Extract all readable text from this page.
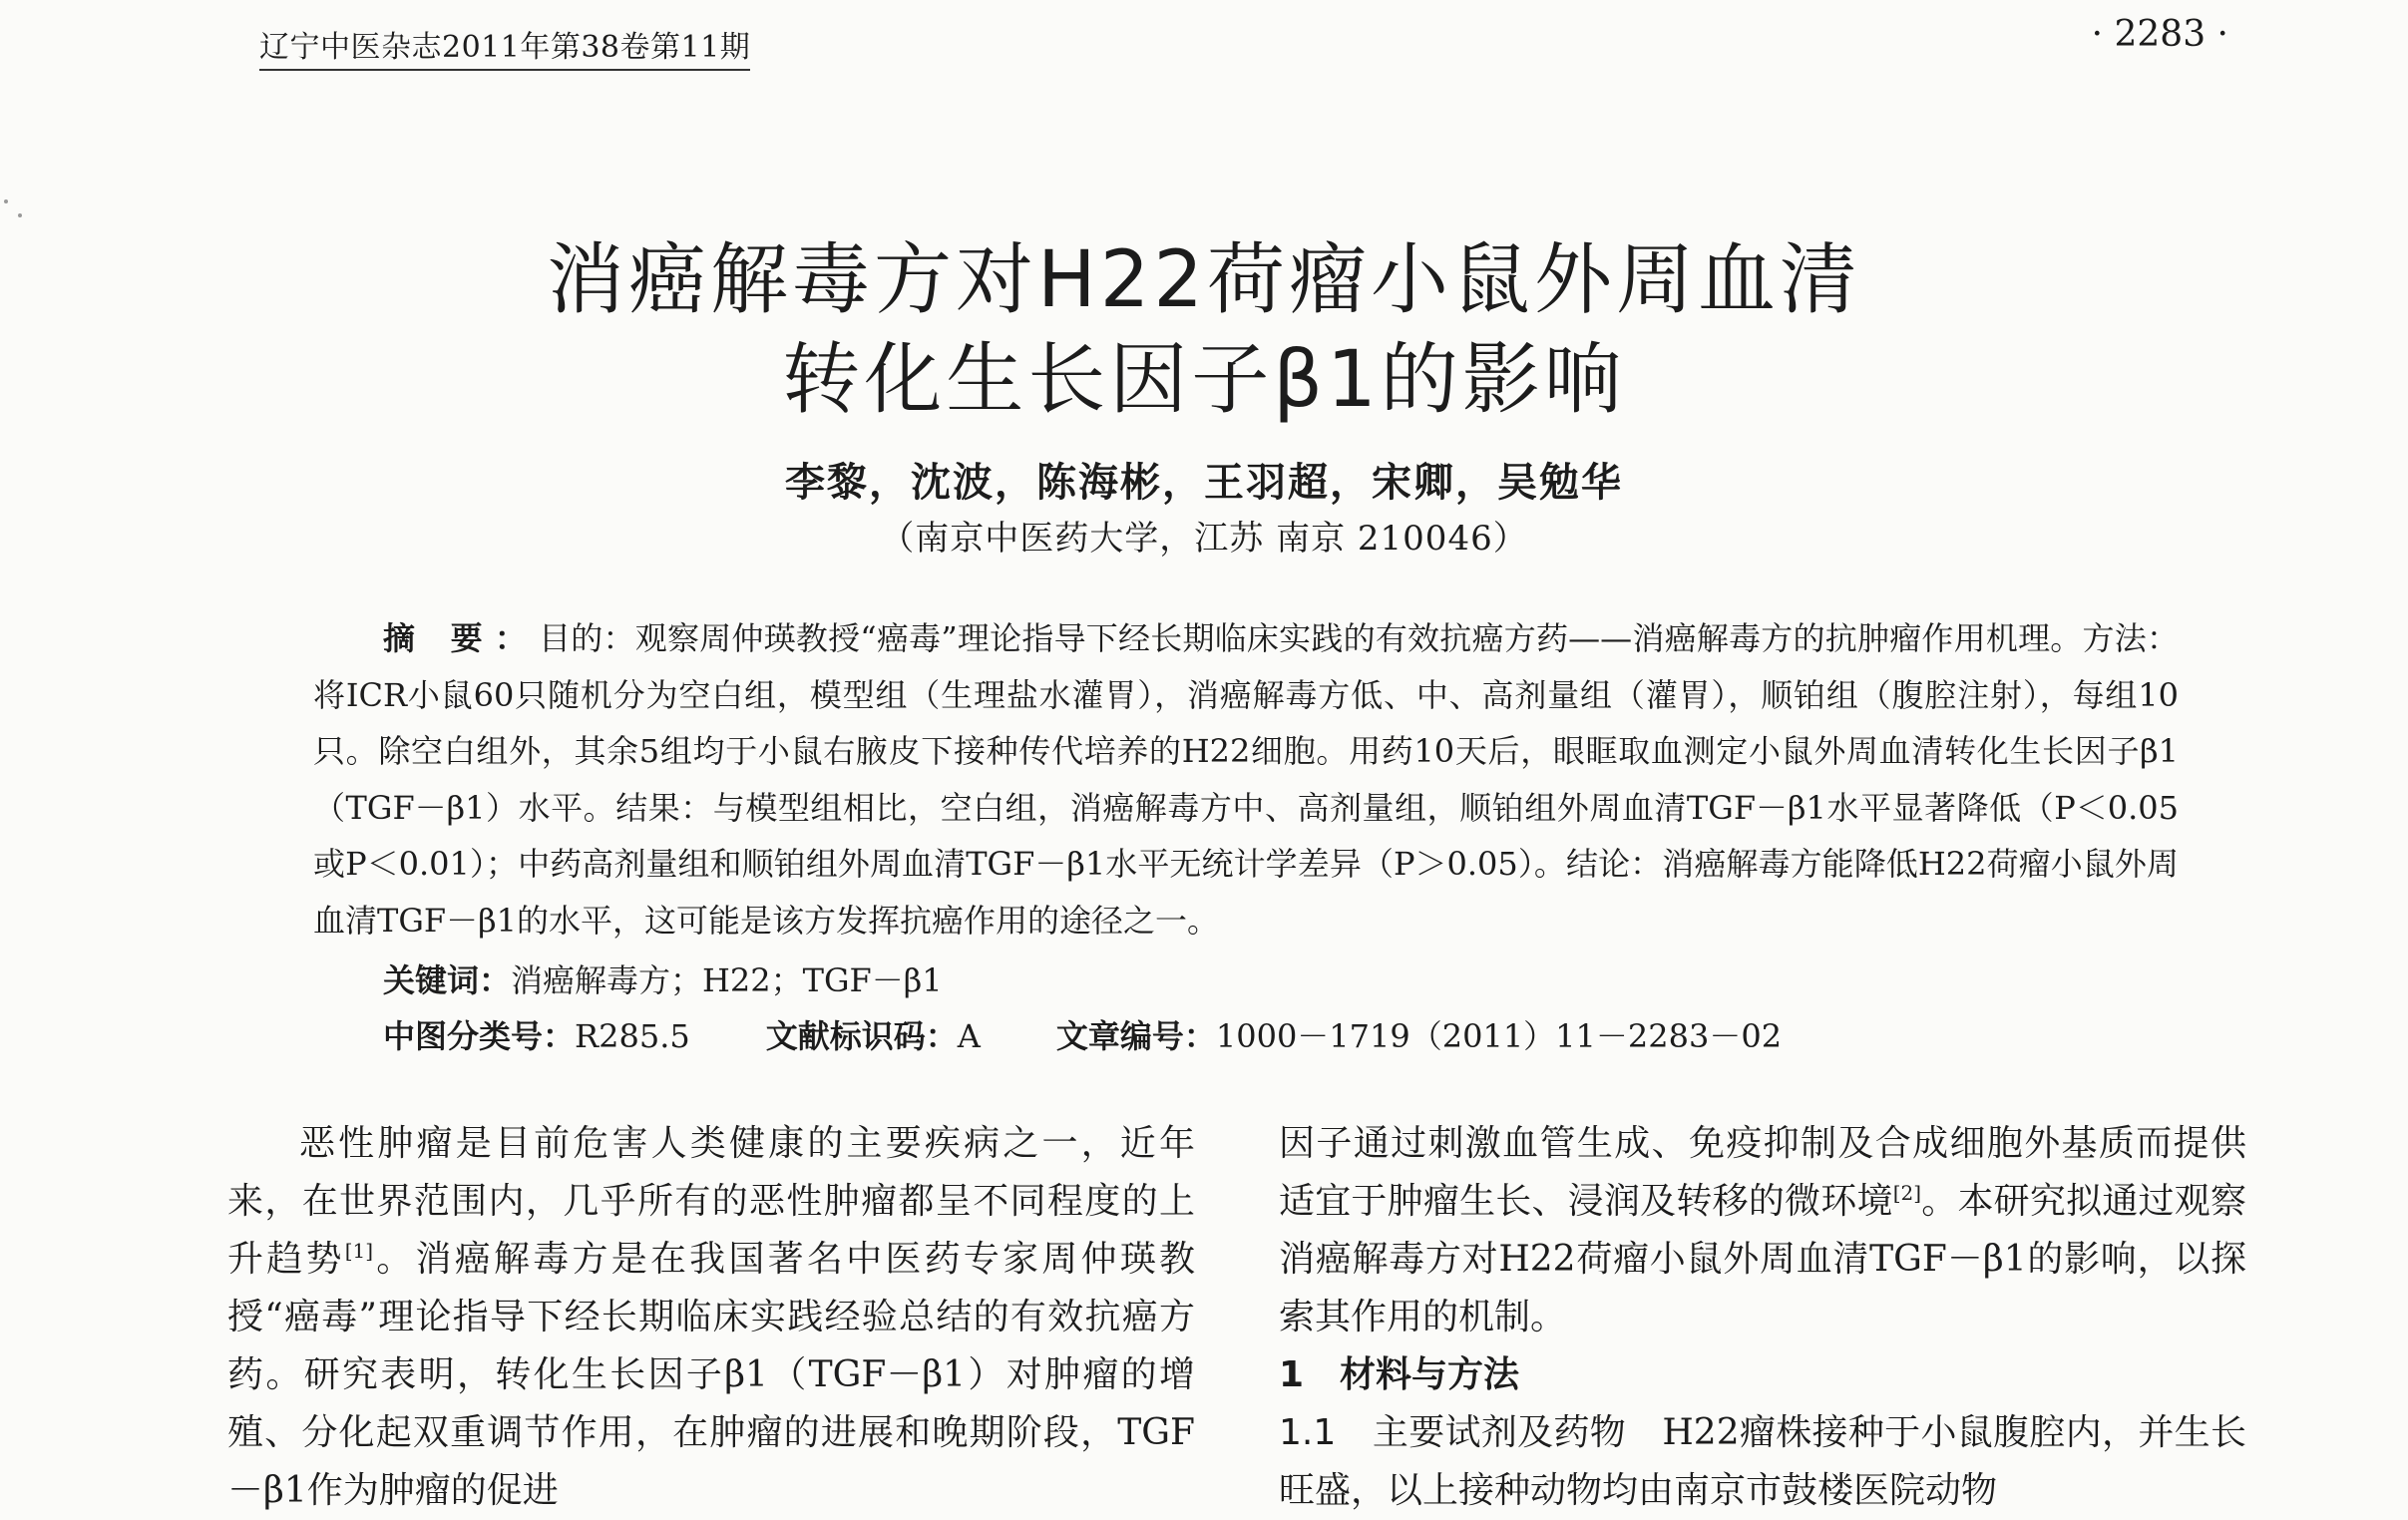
辽宁中医杂志2011年第38卷第11期	· 2283 ·
消癌解毒方对H22荷瘤小鼠外周血清
转化生长因子β1的影响
李黎，沈波，陈海彬，王羽超，宋卿，吴勉华
（南京中医药大学，江苏 南京 210046）
摘 要：目的：观察周仲瑛教授“癌毒”理论指导下经长期临床实践的有效抗癌方药——消癌解毒方的抗肿瘤作用机理。方法：将ICR小鼠60只随机分为空白组，模型组（生理盐水灌胃），消癌解毒方低、中、高剂量组（灌胃），顺铂组（腹腔注射），每组10只。除空白组外，其余5组均于小鼠右腋皮下接种传代培养的H22细胞。用药10天后，眼眶取血测定小鼠外周血清转化生长因子β1（TGF－β1）水平。结果：与模型组相比，空白组，消癌解毒方中、高剂量组，顺铂组外周血清TGF－β1水平显著降低（P＜0.05或P＜0.01）；中药高剂量组和顺铂组外周血清TGF－β1水平无统计学差异（P＞0.05）。结论：消癌解毒方能降低H22荷瘤小鼠外周血清TGF－β1的水平，这可能是该方发挥抗癌作用的途径之一。
关键词：消癌解毒方；H22；TGF－β1
中图分类号：R285.5 文献标识码：A 文章编号：1000－1719（2011）11－2283－02
恶性肿瘤是目前危害人类健康的主要疾病之一，近年来，在世界范围内，几乎所有的恶性肿瘤都呈不同程度的上升趋势[1]。消癌解毒方是在我国著名中医药专家周仲瑛教授“癌毒”理论指导下经长期临床实践经验总结的有效抗癌方药。研究表明，转化生长因子β1（TGF－β1）对肿瘤的增殖、分化起双重调节作用，在肿瘤的进展和晚期阶段，TGF－β1作为肿瘤的促进
因子通过刺激血管生成、免疫抑制及合成细胞外基质而提供适宜于肿瘤生长、浸润及转移的微环境[2]。本研究拟通过观察消癌解毒方对H22荷瘤小鼠外周血清TGF－β1的影响，以探索其作用的机制。
1　材料与方法
1.1　主要试剂及药物　 H22瘤株接种于小鼠腹腔内，并生长旺盛，以上接种动物均由南京市鼓楼医院动物
